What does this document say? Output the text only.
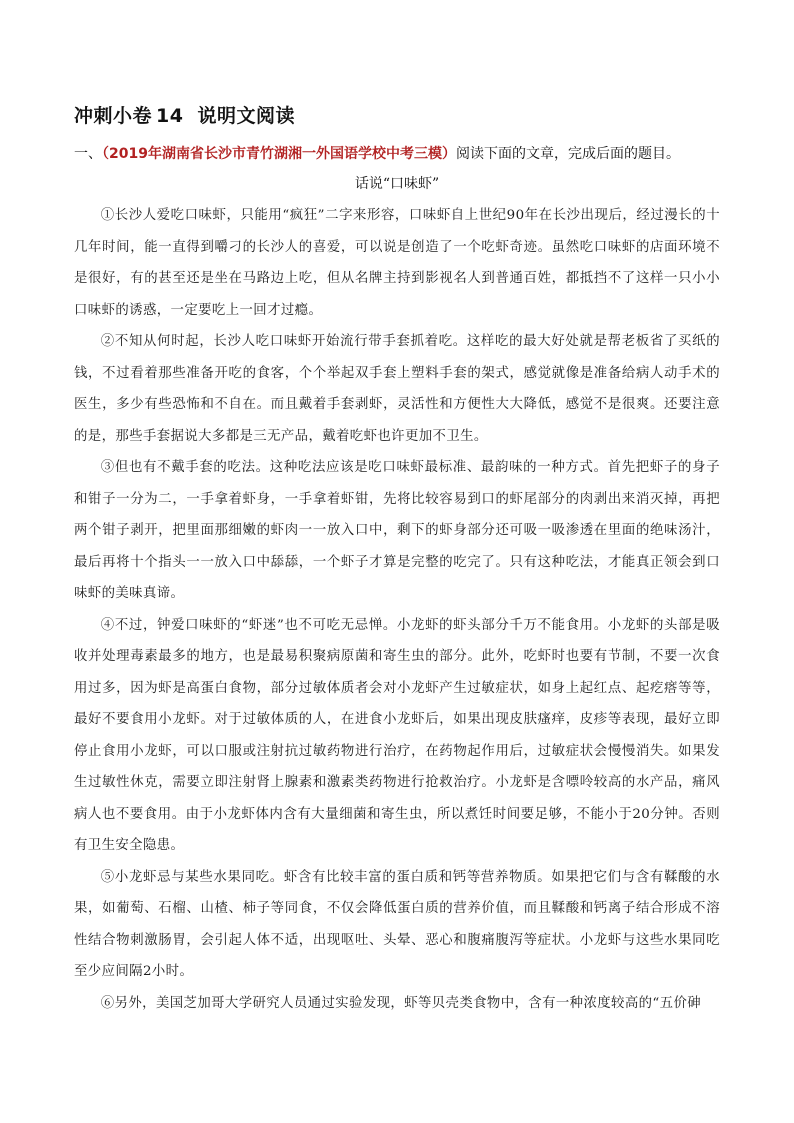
冲刺小卷 14 说明文阅读
一、（2019年湖南省长沙市青竹湖湘一外国语学校中考三模）阅读下面的文章，完成后面的题目。
话说“口味虾”

①长沙人爱吃口味虾，只能用“疯狂”二字来形容，口味虾自上世纪90年在长沙出现后，经过漫长的十几年时间，能一直得到嚼刁的长沙人的喜爱，可以说是创造了一个吃虾奇迹。虽然吃口味虾的店面环境不是很好，有的甚至还是坐在马路边上吃，但从名牌主持到影视名人到普通百姓，都抵挡不了这样一只小小口味虾的诱惑，一定要吃上一回才过瘾。

②不知从何时起，长沙人吃口味虾开始流行带手套抓着吃。这样吃的最大好处就是帮老板省了买纸的钱，不过看着那些准备开吃的食客，个个举起双手套上塑料手套的架式，感觉就像是准备给病人动手术的医生，多少有些恐怖和不自在。而且戴着手套剥虾，灵活性和方便性大大降低，感觉不是很爽。还要注意的是，那些手套据说大多都是三无产品，戴着吃虾也许更加不卫生。

③但也有不戴手套的吃法。这种吃法应该是吃口味虾最标准、最韵味的一种方式。首先把虾子的身子和钳子一分为二，一手拿着虾身，一手拿着虾钳，先将比较容易到口的虾尾部分的肉剥出来消灭掉，再把两个钳子剥开，把里面那细嫩的虾肉一一放入口中，剩下的虾身部分还可吸一吸渗透在里面的绝味汤汁，最后再将十个指头一一放入口中舔舔，一个虾子才算是完整的吃完了。只有这种吃法，才能真正领会到口味虾的美味真谛。

④不过，钟爱口味虾的“虾迷”也不可吃无忌惮。小龙虾的虾头部分千万不能食用。小龙虾的头部是吸收并处理毒素最多的地方，也是最易积聚病原菌和寄生虫的部分。此外，吃虾时也要有节制，不要一次食用过多，因为虾是高蛋白食物，部分过敏体质者会对小龙虾产生过敏症状，如身上起红点、起疙瘩等等，最好不要食用小龙虾。对于过敏体质的人，在进食小龙虾后，如果出现皮肤瘙痒，皮疹等表现，最好立即停止食用小龙虾，可以口服或注射抗过敏药物进行治疗，在药物起作用后，过敏症状会慢慢消失。如果发生过敏性休克，需要立即注射肾上腺素和激素类药物进行抢救治疗。小龙虾是含嘌呤较高的水产品，痛风病人也不要食用。由于小龙虾体内含有大量细菌和寄生虫，所以煮饪时间要足够，不能小于20分钟。否则有卫生安全隐患。

⑤小龙虾忌与某些水果同吃。虾含有比较丰富的蛋白质和钙等营养物质。如果把它们与含有鞣酸的水果，如葡萄、石榴、山楂、柿子等同食，不仅会降低蛋白质的营养价值，而且鞣酸和钙离子结合形成不溶性结合物刺激肠胃，会引起人体不适，出现呕吐、头晕、恶心和腹痛腹泻等症状。小龙虾与这些水果同吃至少应间隔2小时。

⑥另外，美国芝加哥大学研究人员通过实验发现，虾等贝壳类食物中，含有一种浓度较高的“五价砷
